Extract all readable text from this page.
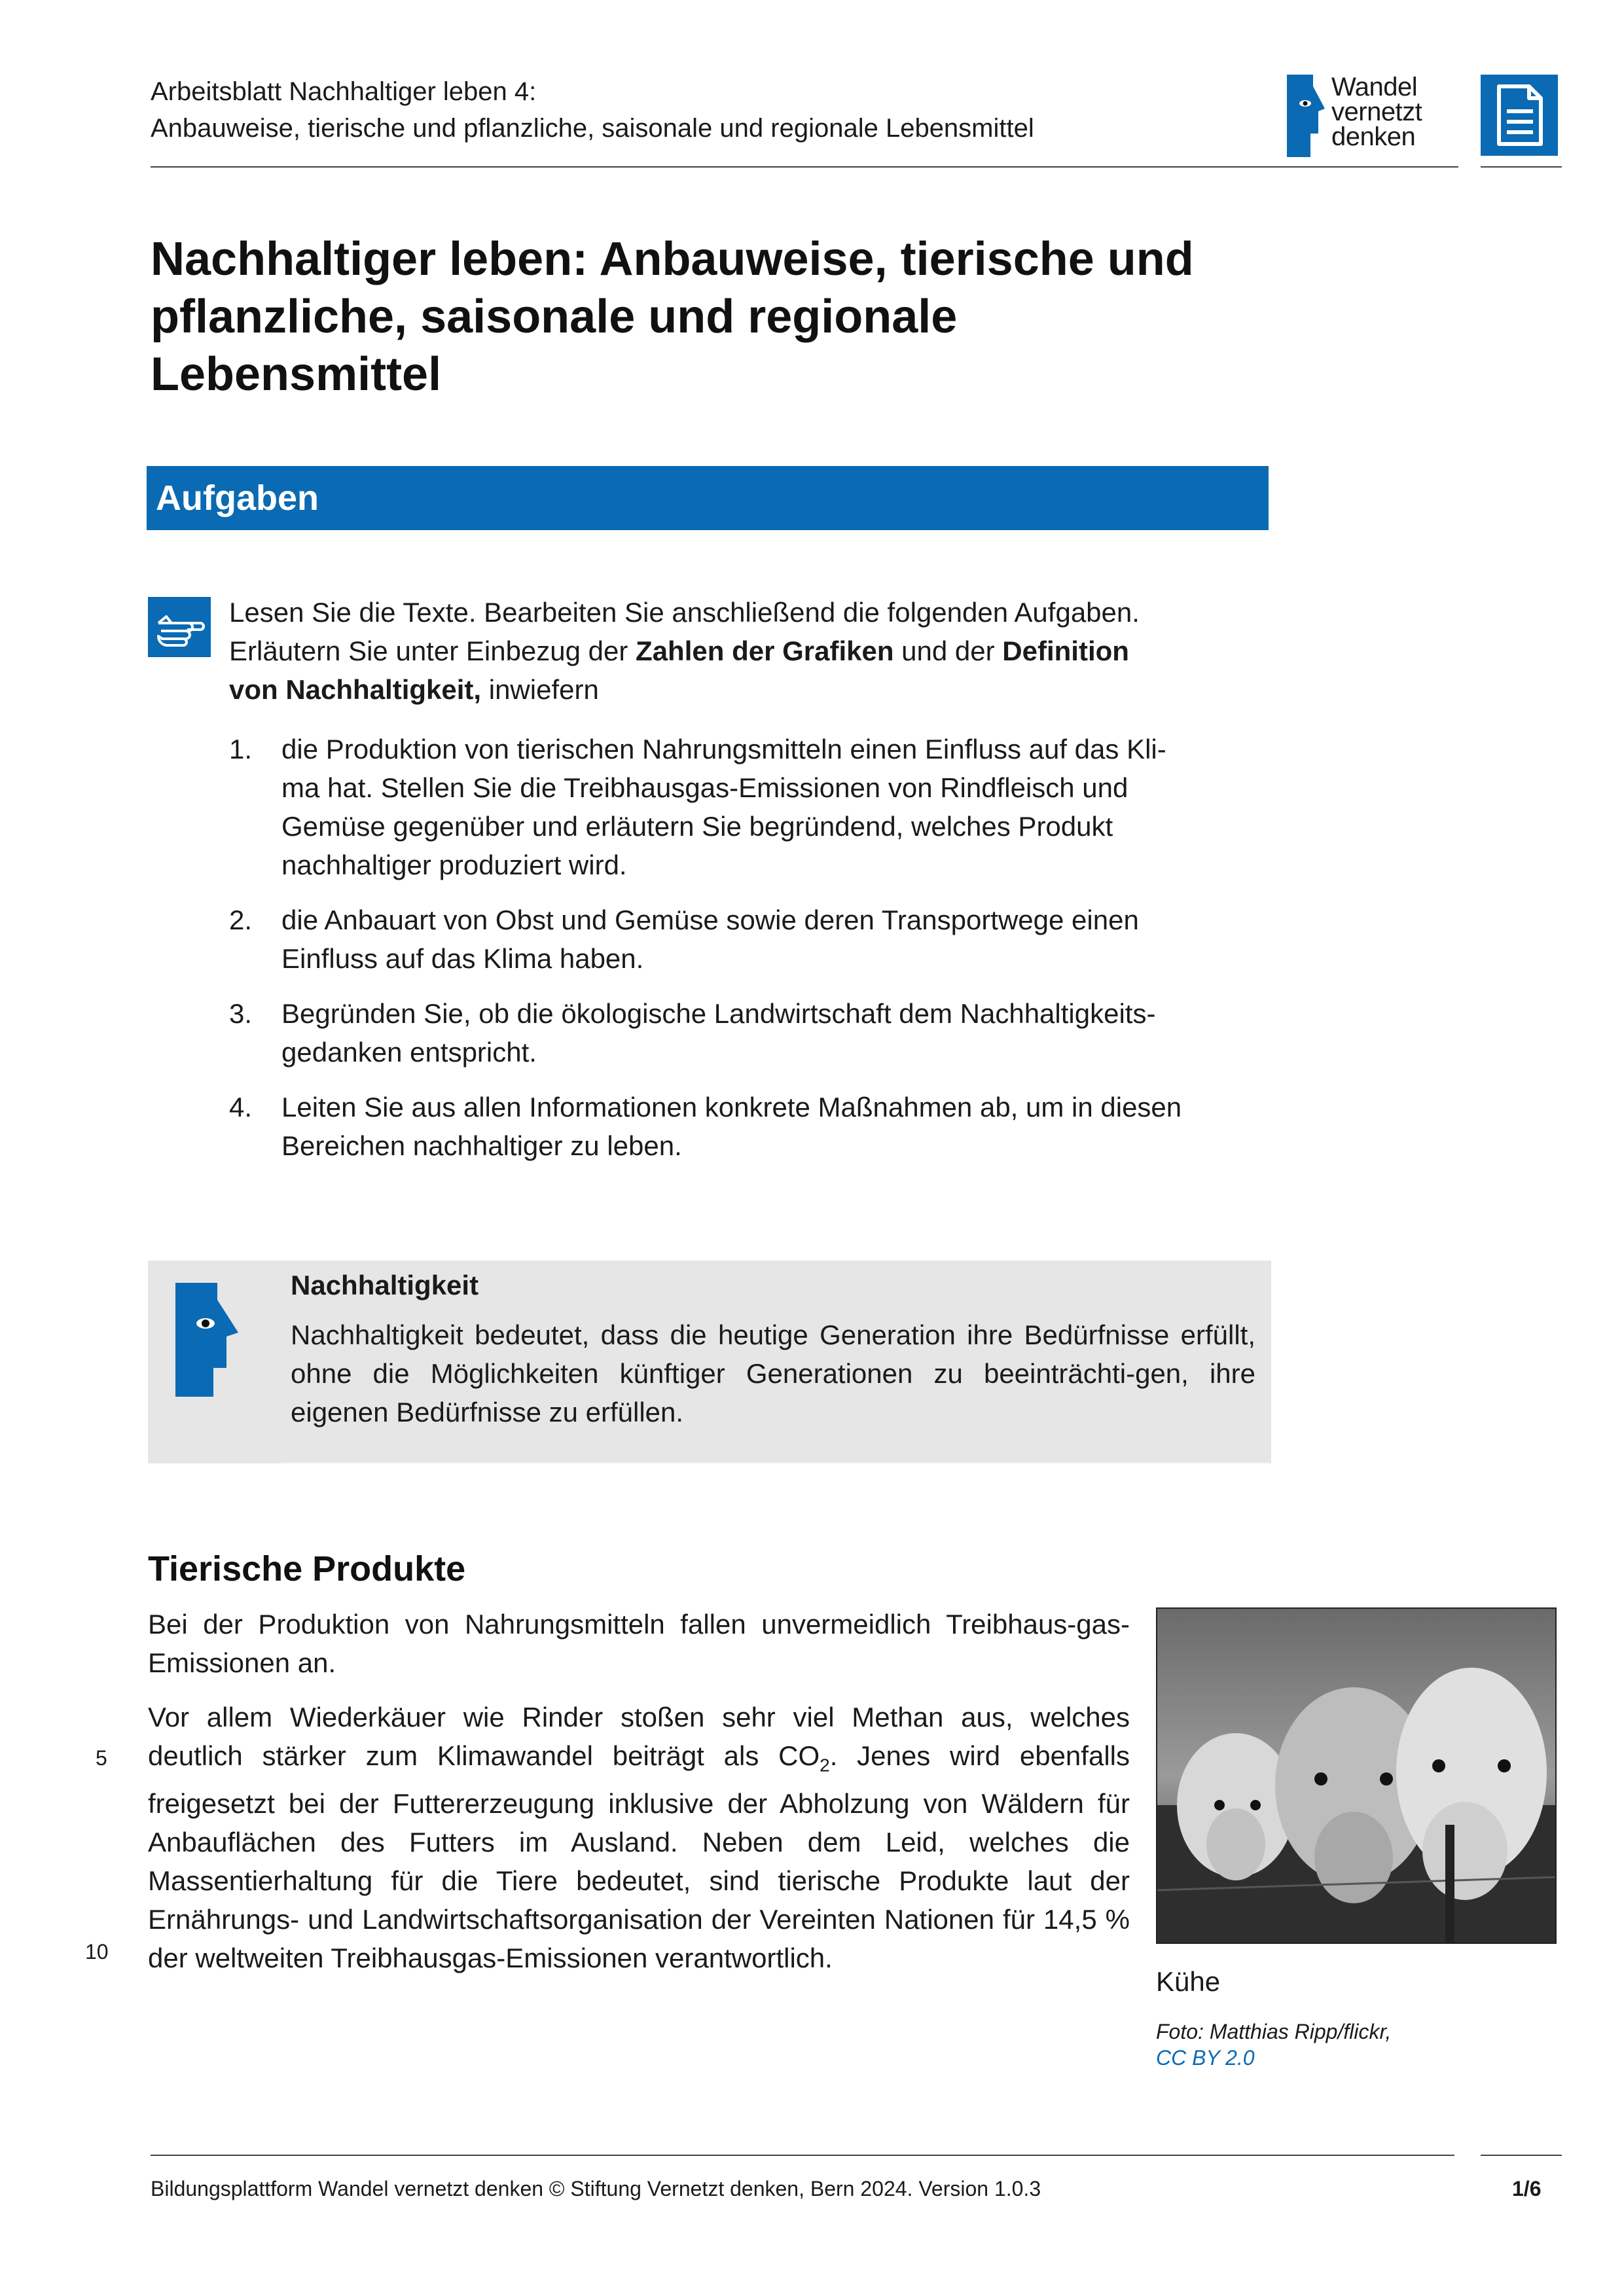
Arbeitsblatt Nachhaltiger leben 4:
Anbauweise, tierische und pflanzliche, saisonale und regionale Lebensmittel
Wandel
vernetzt
denken
Nachhaltiger leben: Anbauweise, tierische und
pflanzliche, saisonale und regionale
Lebensmittel
Aufgaben
Lesen Sie die Texte. Bearbeiten Sie anschließend die folgenden Aufgaben.
Erläutern Sie unter Einbezug der Zahlen der Grafiken und der Definition
von Nachhaltigkeit, inwiefern
1. die Produktion von tierischen Nahrungsmitteln einen Einfluss auf das Kli-
ma hat. Stellen Sie die Treibhausgas-Emissionen von Rindfleisch und
Gemüse gegenüber und erläutern Sie begründend, welches Produkt
nachhaltiger produziert wird.
2. die Anbauart von Obst und Gemüse sowie deren Transportwege einen
Einfluss auf das Klima haben.
3. Begründen Sie, ob die ökologische Landwirtschaft dem Nachhaltigkeits-
gedanken entspricht.
4. Leiten Sie aus allen Informationen konkrete Maßnahmen ab, um in diesen
Bereichen nachhaltiger zu leben.
Nachhaltigkeit
Nachhaltigkeit bedeutet, dass die heutige Generation ihre Bedürfnisse erfüllt, ohne die Möglichkeiten künftiger Generationen zu beeinträchti-gen, ihre eigenen Bedürfnisse zu erfüllen.
Tierische Produkte
Bei der Produktion von Nahrungsmitteln fallen unvermeidlich Treibhaus-gas-Emissionen an.
Vor allem Wiederkäuer wie Rinder stoßen sehr viel Methan aus, welches deutlich stärker zum Klimawandel beiträgt als $CO_2$. Jenes wird ebenfalls freigesetzt bei der Futtererzeugung inklusive der Abholzung von Wäldern für Anbauflächen des Futters im Ausland. Neben dem Leid, welches die Massentierhaltung für die Tiere bedeutet, sind tierische Produkte laut der Ernährungs- und Landwirtschaftsorganisation der Vereinten Nationen für 14,5 % der weltweiten Treibhausgas-Emissionen verantwortlich.
5
10
Kühe
Foto: Matthias Ripp/flickr,
CC BY 2.0
Bildungsplattform Wandel vernetzt denken © Stiftung Vernetzt denken, Bern 2024. Version 1.0.3	1/6
